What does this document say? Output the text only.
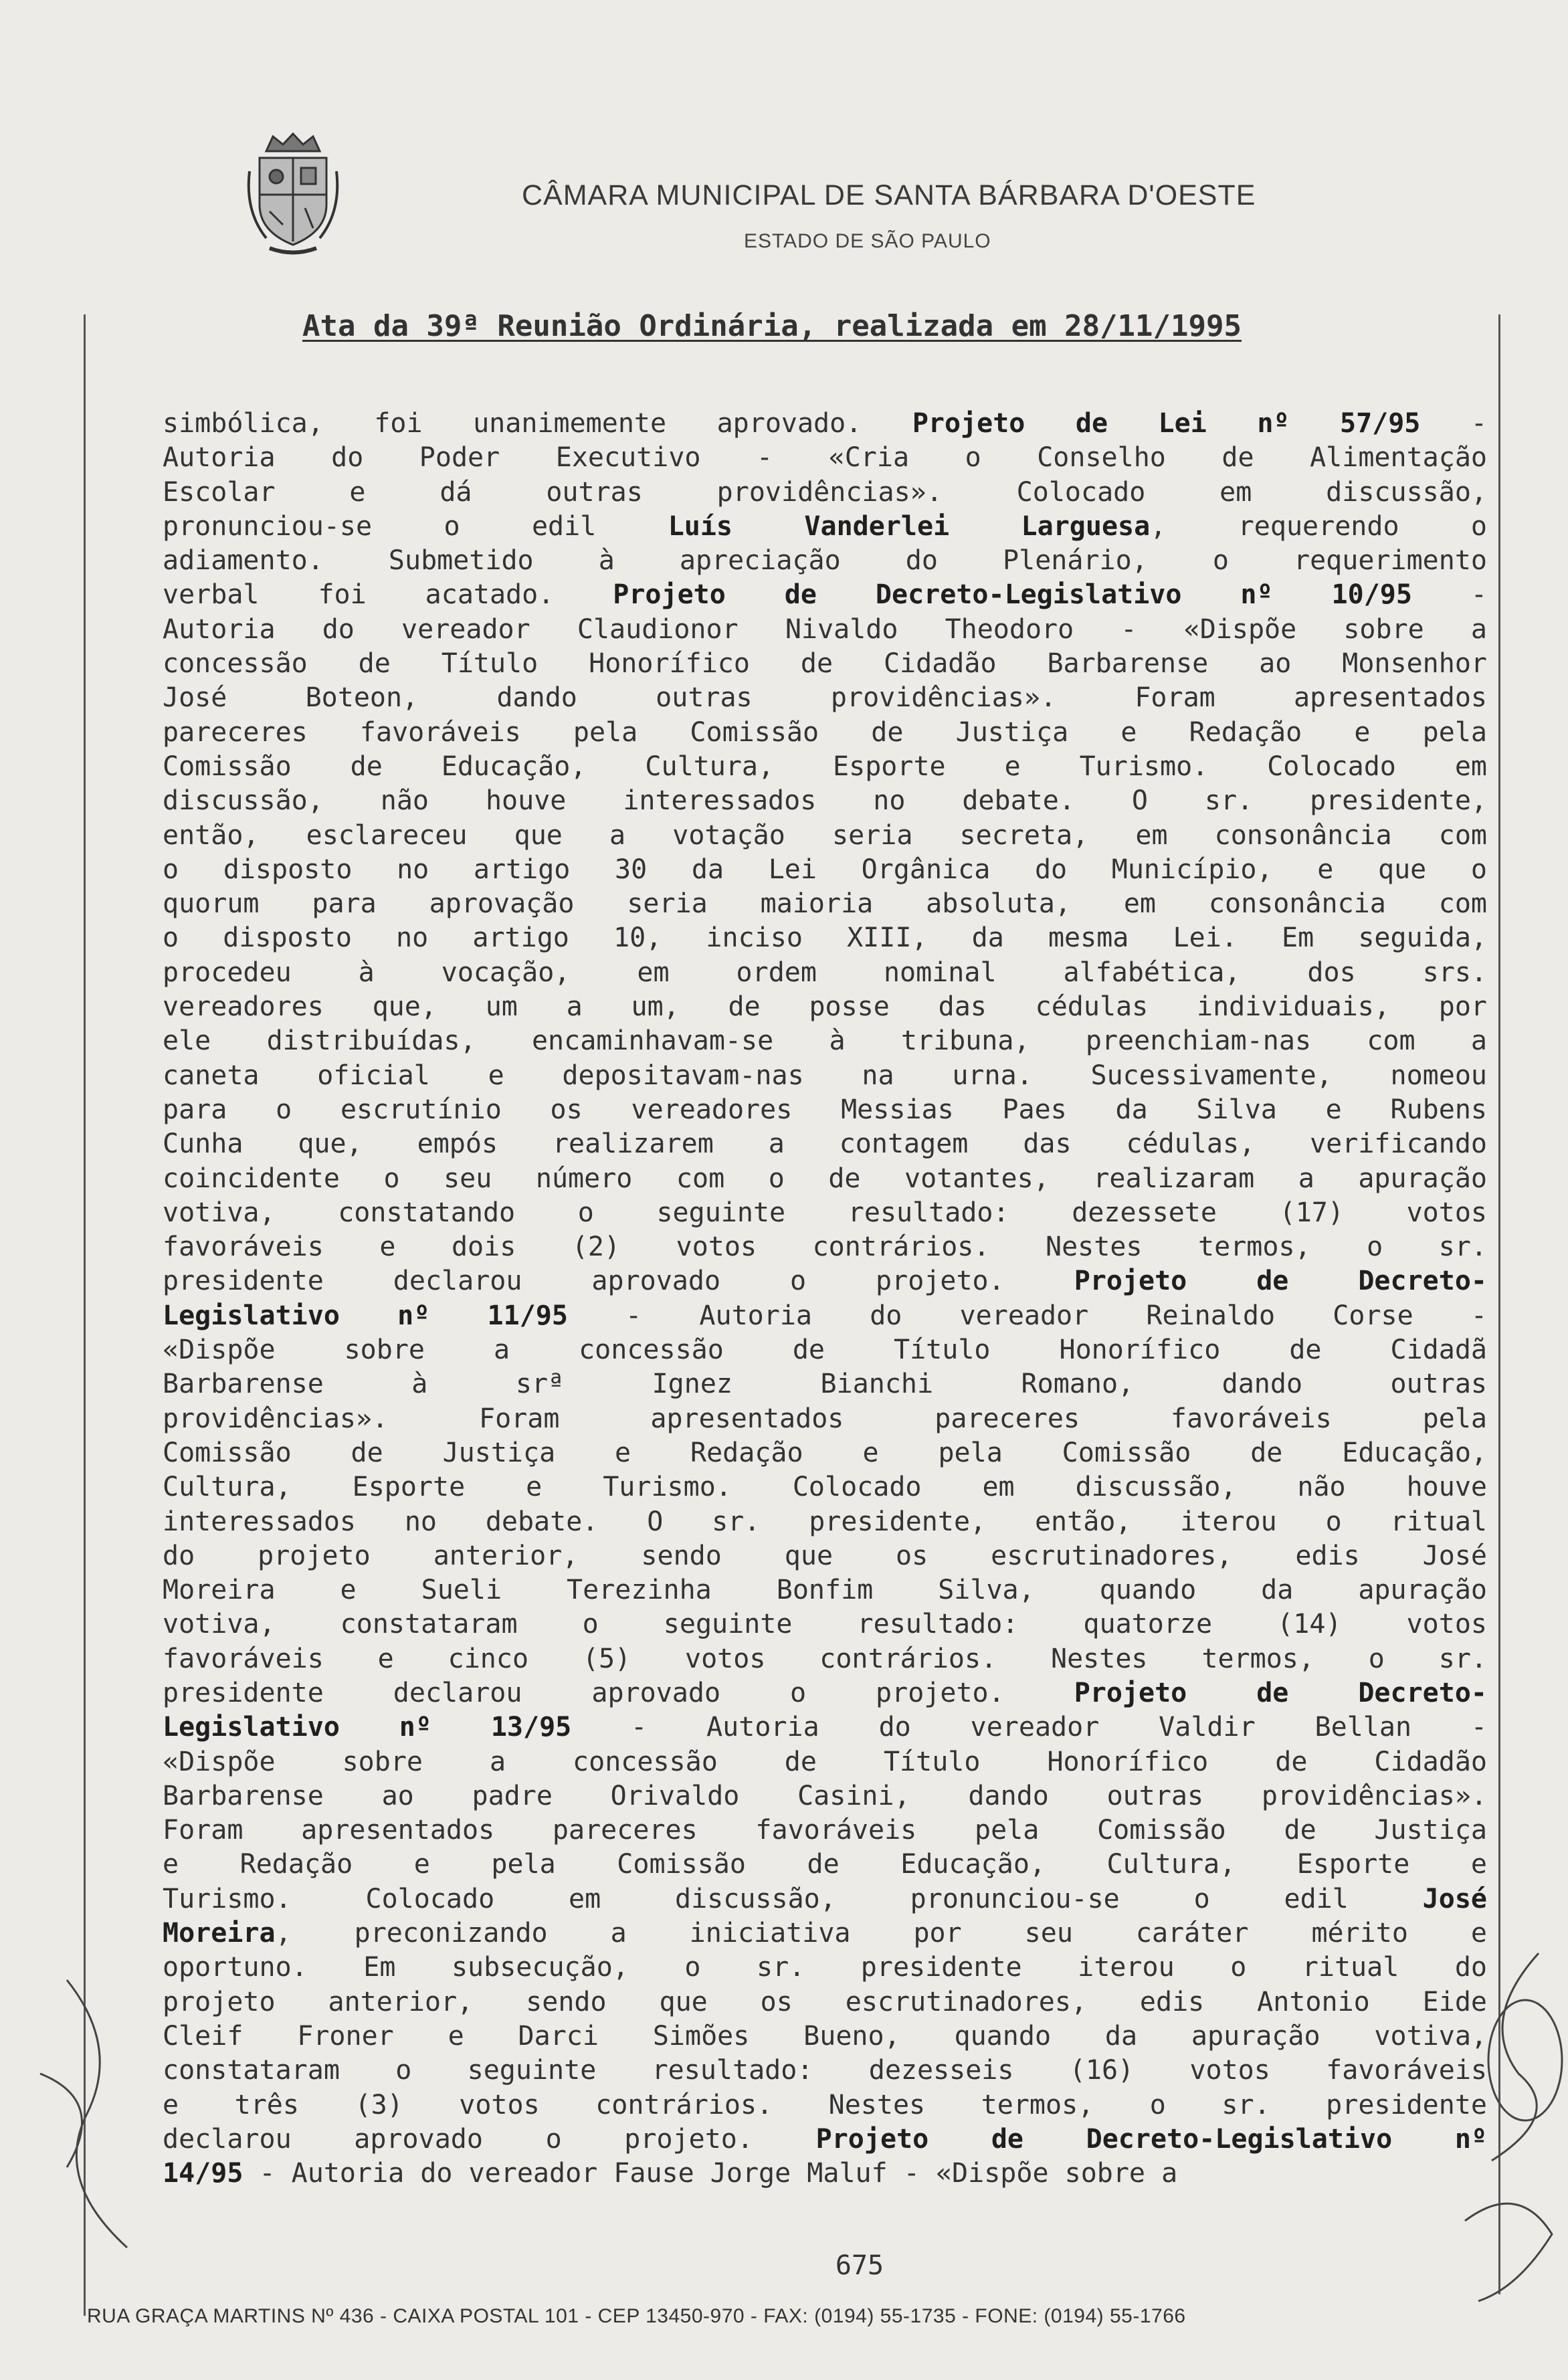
CÂMARA MUNICIPAL DE SANTA BÁRBARA D'OESTE
ESTADO DE SÃO PAULO
Ata da 39ª Reunião Ordinária, realizada em 28/11/1995
simbólica, foi unanimemente aprovado. Projeto de Lei nº 57/95 -
Autoria do Poder Executivo - «Cria o Conselho de Alimentação
Escolar e dá outras providências». Colocado em discussão,
pronunciou-se o edil Luís Vanderlei Larguesa, requerendo o
adiamento. Submetido à apreciação do Plenário, o requerimento
verbal foi acatado. Projeto de Decreto-Legislativo nº 10/95 -
Autoria do vereador Claudionor Nivaldo Theodoro - «Dispõe sobre a
concessão de Título Honorífico de Cidadão Barbarense ao Monsenhor
José Boteon, dando outras providências». Foram apresentados
pareceres favoráveis pela Comissão de Justiça e Redação e pela
Comissão de Educação, Cultura, Esporte e Turismo. Colocado em
discussão, não houve interessados no debate. O sr. presidente,
então, esclareceu que a votação seria secreta, em consonância com
o disposto no artigo 30 da Lei Orgânica do Município, e que o
quorum para aprovação seria maioria absoluta, em consonância com
o disposto no artigo 10, inciso XIII, da mesma Lei. Em seguida,
procedeu à vocação, em ordem nominal alfabética, dos srs.
vereadores que, um a um, de posse das cédulas individuais, por
ele distribuídas, encaminhavam-se à tribuna, preenchiam-nas com a
caneta oficial e depositavam-nas na urna. Sucessivamente, nomeou
para o escrutínio os vereadores Messias Paes da Silva e Rubens
Cunha que, empós realizarem a contagem das cédulas, verificando
coincidente o seu número com o de votantes, realizaram a apuração
votiva, constatando o seguinte resultado: dezessete (17) votos
favoráveis e dois (2) votos contrários. Nestes termos, o sr.
presidente declarou aprovado o projeto. Projeto de Decreto-
Legislativo nº 11/95 - Autoria do vereador Reinaldo Corse -
«Dispõe sobre a concessão de Título Honorífico de Cidadã
Barbarense à srª Ignez Bianchi Romano, dando outras
providências». Foram apresentados pareceres favoráveis pela
Comissão de Justiça e Redação e pela Comissão de Educação,
Cultura, Esporte e Turismo. Colocado em discussão, não houve
interessados no debate. O sr. presidente, então, iterou o ritual
do projeto anterior, sendo que os escrutinadores, edis José
Moreira e Sueli Terezinha Bonfim Silva, quando da apuração
votiva, constataram o seguinte resultado: quatorze (14) votos
favoráveis e cinco (5) votos contrários. Nestes termos, o sr.
presidente declarou aprovado o projeto. Projeto de Decreto-
Legislativo nº 13/95 - Autoria do vereador Valdir Bellan -
«Dispõe sobre a concessão de Título Honorífico de Cidadão
Barbarense ao padre Orivaldo Casini, dando outras providências».
Foram apresentados pareceres favoráveis pela Comissão de Justiça
e Redação e pela Comissão de Educação, Cultura, Esporte e
Turismo. Colocado em discussão, pronunciou-se o edil José
Moreira, preconizando a iniciativa por seu caráter mérito e
oportuno. Em subsecução, o sr. presidente iterou o ritual do
projeto anterior, sendo que os escrutinadores, edis Antonio Eide
Cleif Froner e Darci Simões Bueno, quando da apuração votiva,
constataram o seguinte resultado: dezesseis (16) votos favoráveis
e três (3) votos contrários. Nestes termos, o sr. presidente
declarou aprovado o projeto. Projeto de Decreto-Legislativo nº
14/95 - Autoria do vereador Fause Jorge Maluf - «Dispõe sobre a
675
RUA GRAÇA MARTINS Nº 436 - CAIXA POSTAL 101 - CEP 13450-970 - FAX: (0194) 55-1735 - FONE: (0194) 55-1766
